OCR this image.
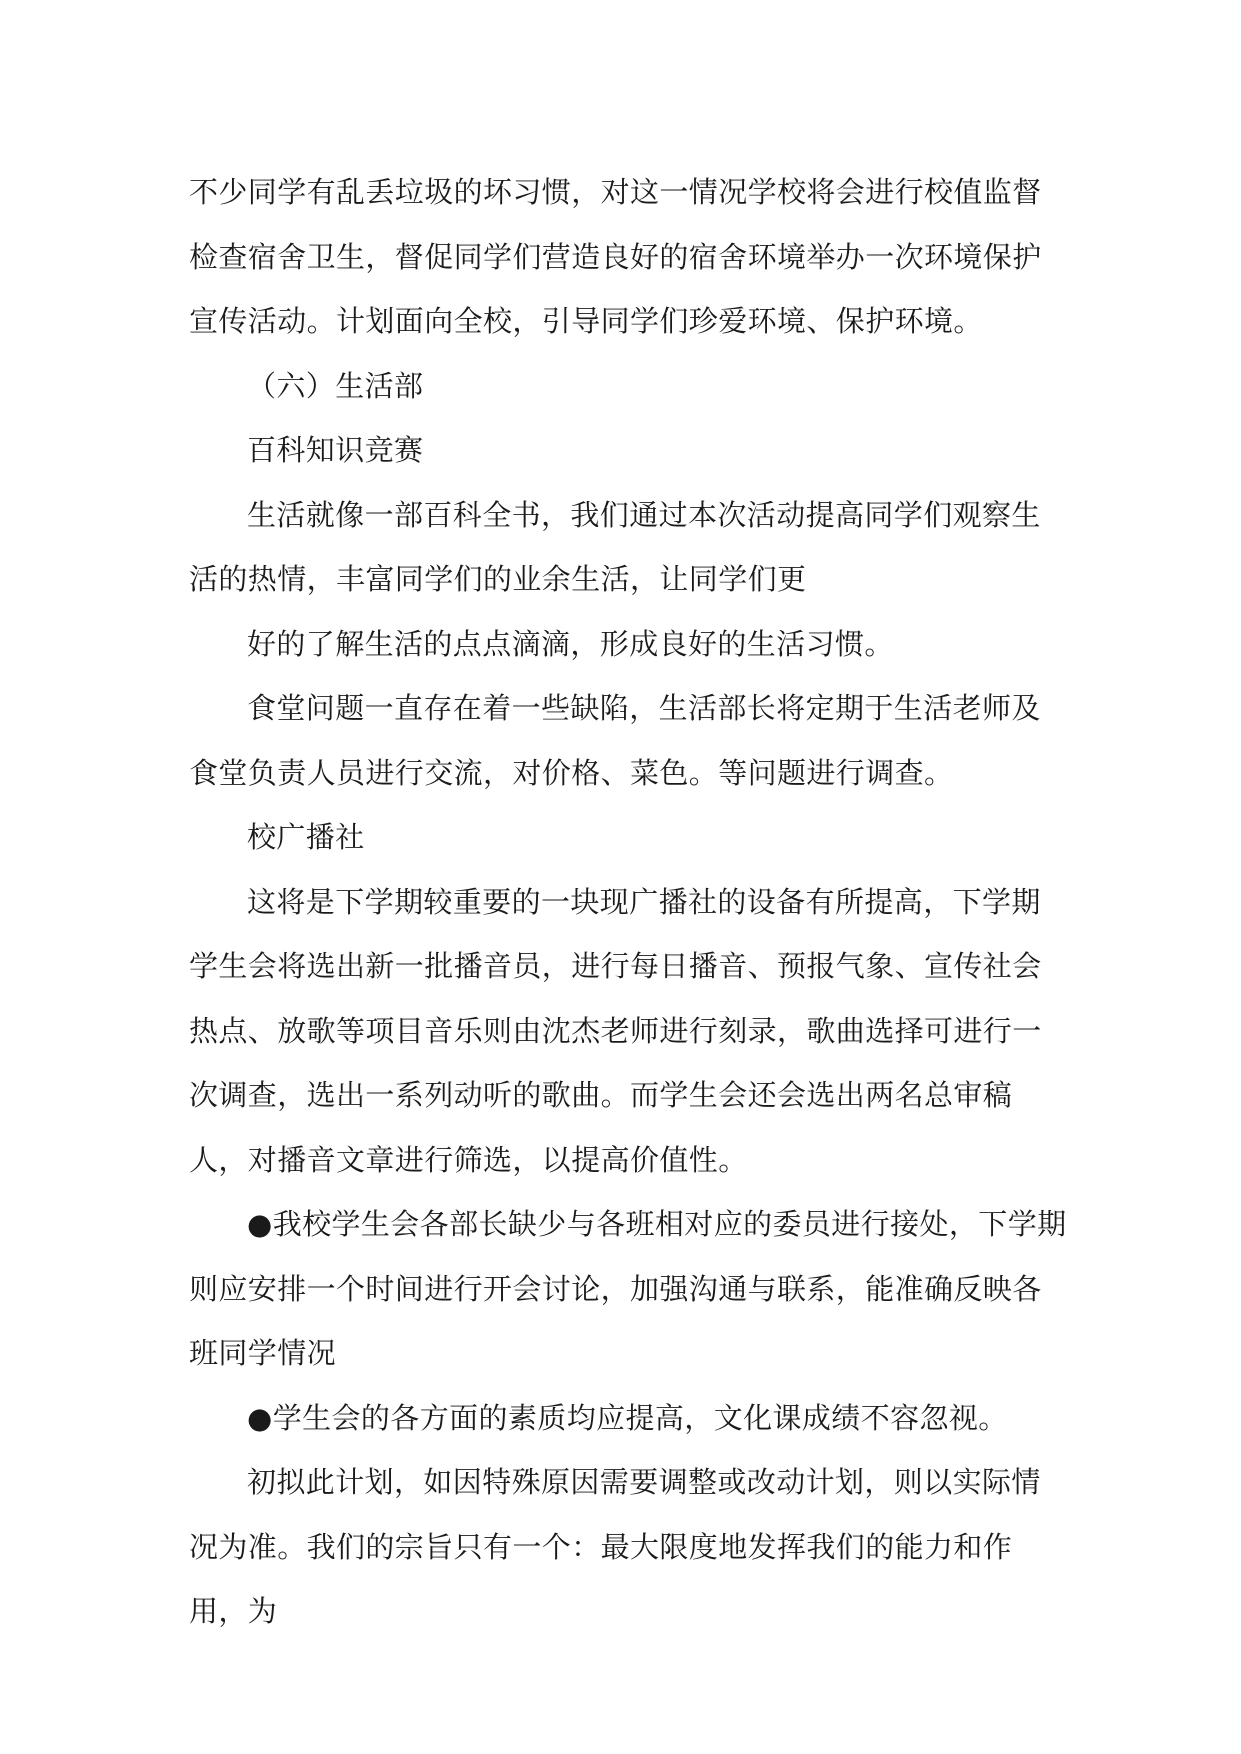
不少同学有乱丢垃圾的坏习惯，对这一情况学校将会进行校值监督检查宿舍卫生，督促同学们营造良好的宿舍环境举办一次环境保护宣传活动。计划面向全校，引导同学们珍爱环境、保护环境。

（六）生活部

百科知识竞赛

生活就像一部百科全书，我们通过本次活动提高同学们观察生活的热情，丰富同学们的业余生活，让同学们更

好的了解生活的点点滴滴，形成良好的生活习惯。

食堂问题一直存在着一些缺陷，生活部长将定期于生活老师及食堂负责人员进行交流，对价格、菜色。等问题进行调查。

校广播社

这将是下学期较重要的一块现广播社的设备有所提高，下学期学生会将选出新一批播音员，进行每日播音、预报气象、宣传社会热点、放歌等项目音乐则由沈杰老师进行刻录，歌曲选择可进行一次调查，选出一系列动听的歌曲。而学生会还会选出两名总审稿人，对播音文章进行筛选，以提高价值性。

●我校学生会各部长缺少与各班相对应的委员进行接处，下学期则应安排一个时间进行开会讨论，加强沟通与联系，能准确反映各班同学情况

●学生会的各方面的素质均应提高，文化课成绩不容忽视。

初拟此计划，如因特殊原因需要调整或改动计划，则以实际情况为准。我们的宗旨只有一个：最大限度地发挥我们的能力和作用，为
